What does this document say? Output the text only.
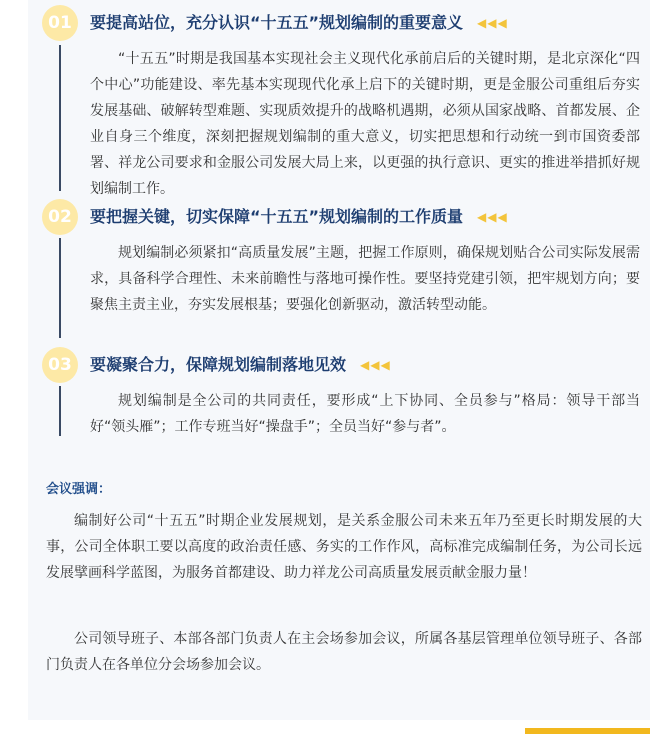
01 要提高站位，充分认识“十五五”规划编制的重要意义 ◀◀◀
“十五五”时期是我国基本实现社会主义现代化承前启后的关键时期，是北京深化“四个中心”功能建设、率先基本实现现代化承上启下的关键时期，更是金服公司重组后夯实发展基础、破解转型难题、实现质效提升的战略机遇期，必须从国家战略、首都发展、企业自身三个维度，深刻把握规划编制的重大意义，切实把思想和行动统一到市国资委部署、祥龙公司要求和金服公司发展大局上来，以更强的执行意识、更实的推进举措抓好规划编制工作。
02 要把握关键，切实保障“十五五”规划编制的工作质量 ◀◀◀
规划编制必须紧扣“高质量发展”主题，把握工作原则，确保规划贴合公司实际发展需求，具备科学合理性、未来前瞻性与落地可操作性。要坚持党建引领，把牢规划方向；要聚焦主责主业，夯实发展根基；要强化创新驱动，激活转型动能。
03 要凝聚合力，保障规划编制落地见效 ◀◀◀
规划编制是全公司的共同责任，要形成“上下协同、全员参与”格局：领导干部当好“领头雁”；工作专班当好“操盘手”；全员当好“参与者”。
会议强调：
编制好公司“十五五”时期企业发展规划，是关系金服公司未来五年乃至更长时期发展的大事，公司全体职工要以高度的政治责任感、务实的工作作风，高标准完成编制任务，为公司长远发展擘画科学蓝图，为服务首都建设、助力祥龙公司高质量发展贡献金服力量！
公司领导班子、本部各部门负责人在主会场参加会议，所属各基层管理单位领导班子、各部门负责人在各单位分会场参加会议。
